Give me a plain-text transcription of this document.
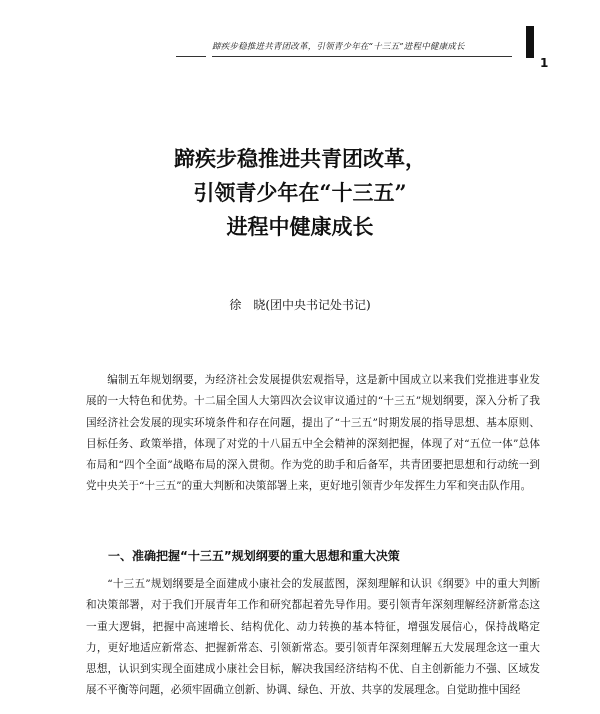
蹄疾步稳推进共青团改革，引领青少年在“十三五”进程中健康成长
1
蹄疾步稳推进共青团改革，
引领青少年在“十三五”
进程中健康成长
徐　晓(团中央书记处书记)

编制五年规划纲要，为经济社会发展提供宏观指导，这是新中国成立以来我们党推进事业发展的一大特色和优势。十二届全国人大第四次会议审议通过的“十三五”规划纲要，深入分析了我国经济社会发展的现实环境条件和存在问题，提出了“十三五”时期发展的指导思想、基本原则、目标任务、政策举措，体现了对党的十八届五中全会精神的深刻把握，体现了对“五位一体”总体布局和“四个全面”战略布局的深入贯彻。作为党的助手和后备军，共青团要把思想和行动统一到党中央关于“十三五”的重大判断和决策部署上来，更好地引领青少年发挥生力军和突击队作用。

一、准确把握“十三五”规划纲要的重大思想和重大决策

“十三五”规划纲要是全面建成小康社会的发展蓝图，深刻理解和认识《纲要》中的重大判断和决策部署，对于我们开展青年工作和研究都起着先导作用。要引领青年深刻理解经济新常态这一重大逻辑，把握中高速增长、结构优化、动力转换的基本特征，增强发展信心，保持战略定力，更好地适应新常态、把握新常态、引领新常态。要引领青年深刻理解五大发展理念这一重大思想，认识到实现全面建成小康社会目标，解决我国经济结构不优、自主创新能力不强、区域发展不平衡等问题，必须牢固确立创新、协调、绿色、开放、共享的发展理念。自觉助推中国经
